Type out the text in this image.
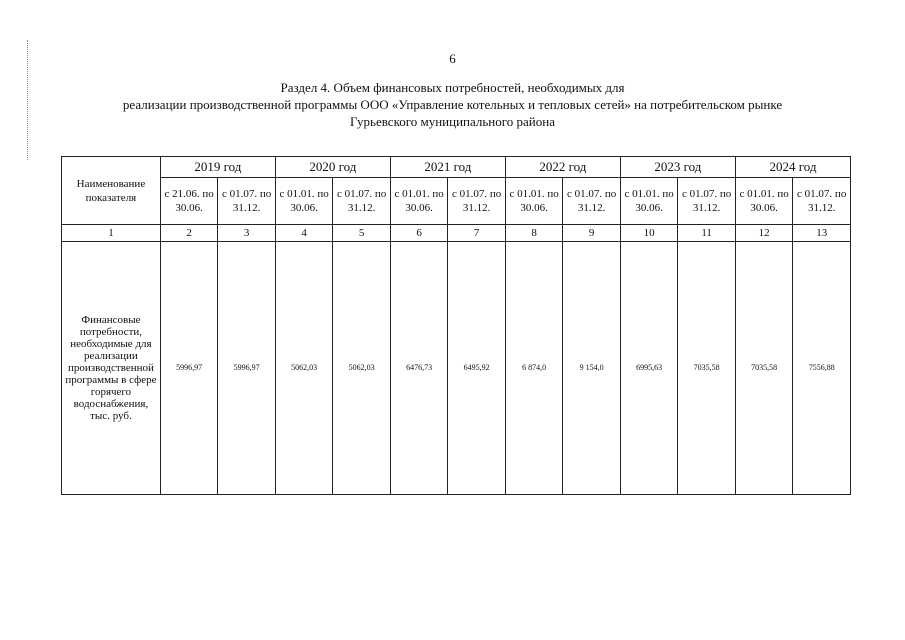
6
Раздел 4. Объем финансовых потребностей, необходимых для
реализации производственной программы ООО «Управление котельных и тепловых сетей» на потребительском рынке
Гурьевского муниципального района
Наименование показателя	2019 год		2020 год		2021 год		2022 год		2023 год		2024 год	
	с 21.06. по 30.06.	с 01.07. по 31.12.	с 01.01. по 30.06.	с 01.07. по 31.12.	с 01.01. по 30.06.	с 01.07. по 31.12.	с 01.01. по 30.06.	с 01.07. по 31.12.	с 01.01. по 30.06.	с 01.07. по 31.12.	с 01.01. по 30.06.	с 01.07. по 31.12.
1	2	3	4	5	6	7	8	9	10	11	12	13
Финансовые потребности, необходимые для реализации производственной программы в сфере горячего водоснабжения, тыс. руб.	5996,97	5996,97	5062,03	5062,03	6476,73	6495,92	6 874,0	9 154,0	6995,63	7035,58	7035,58	7556,88
